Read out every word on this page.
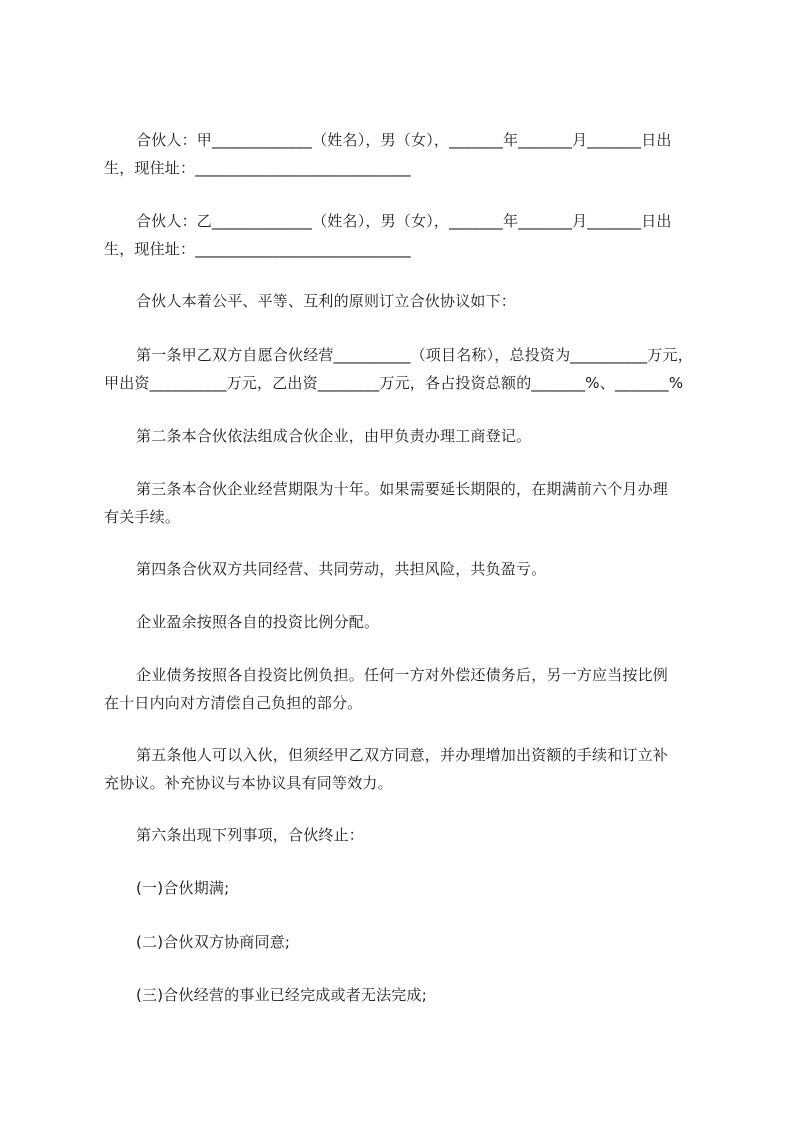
合伙人：甲_____________（姓名），男（女），_______年_______月_______日出
生，现住址：____________________________
合伙人：乙_____________（姓名），男（女），_______年_______月_______日出
生，现住址：____________________________
合伙人本着公平、平等、互利的原则订立合伙协议如下：
第一条甲乙双方自愿合伙经营__________（项目名称），总投资为__________万元，
甲出资__________万元，乙出资________万元，各占投资总额的_______%、_______%
第二条本合伙依法组成合伙企业，由甲负责办理工商登记。
第三条本合伙企业经营期限为十年。如果需要延长期限的，在期满前六个月办理
有关手续。
第四条合伙双方共同经营、共同劳动，共担风险，共负盈亏。
企业盈余按照各自的投资比例分配。
企业债务按照各自投资比例负担。任何一方对外偿还债务后，另一方应当按比例
在十日内向对方清偿自己负担的部分。
第五条他人可以入伙，但须经甲乙双方同意，并办理增加出资额的手续和订立补
充协议。补充协议与本协议具有同等效力。
第六条出现下列事项，合伙终止：
(一)合伙期满;
(二)合伙双方协商同意;
(三)合伙经营的事业已经完成或者无法完成;
